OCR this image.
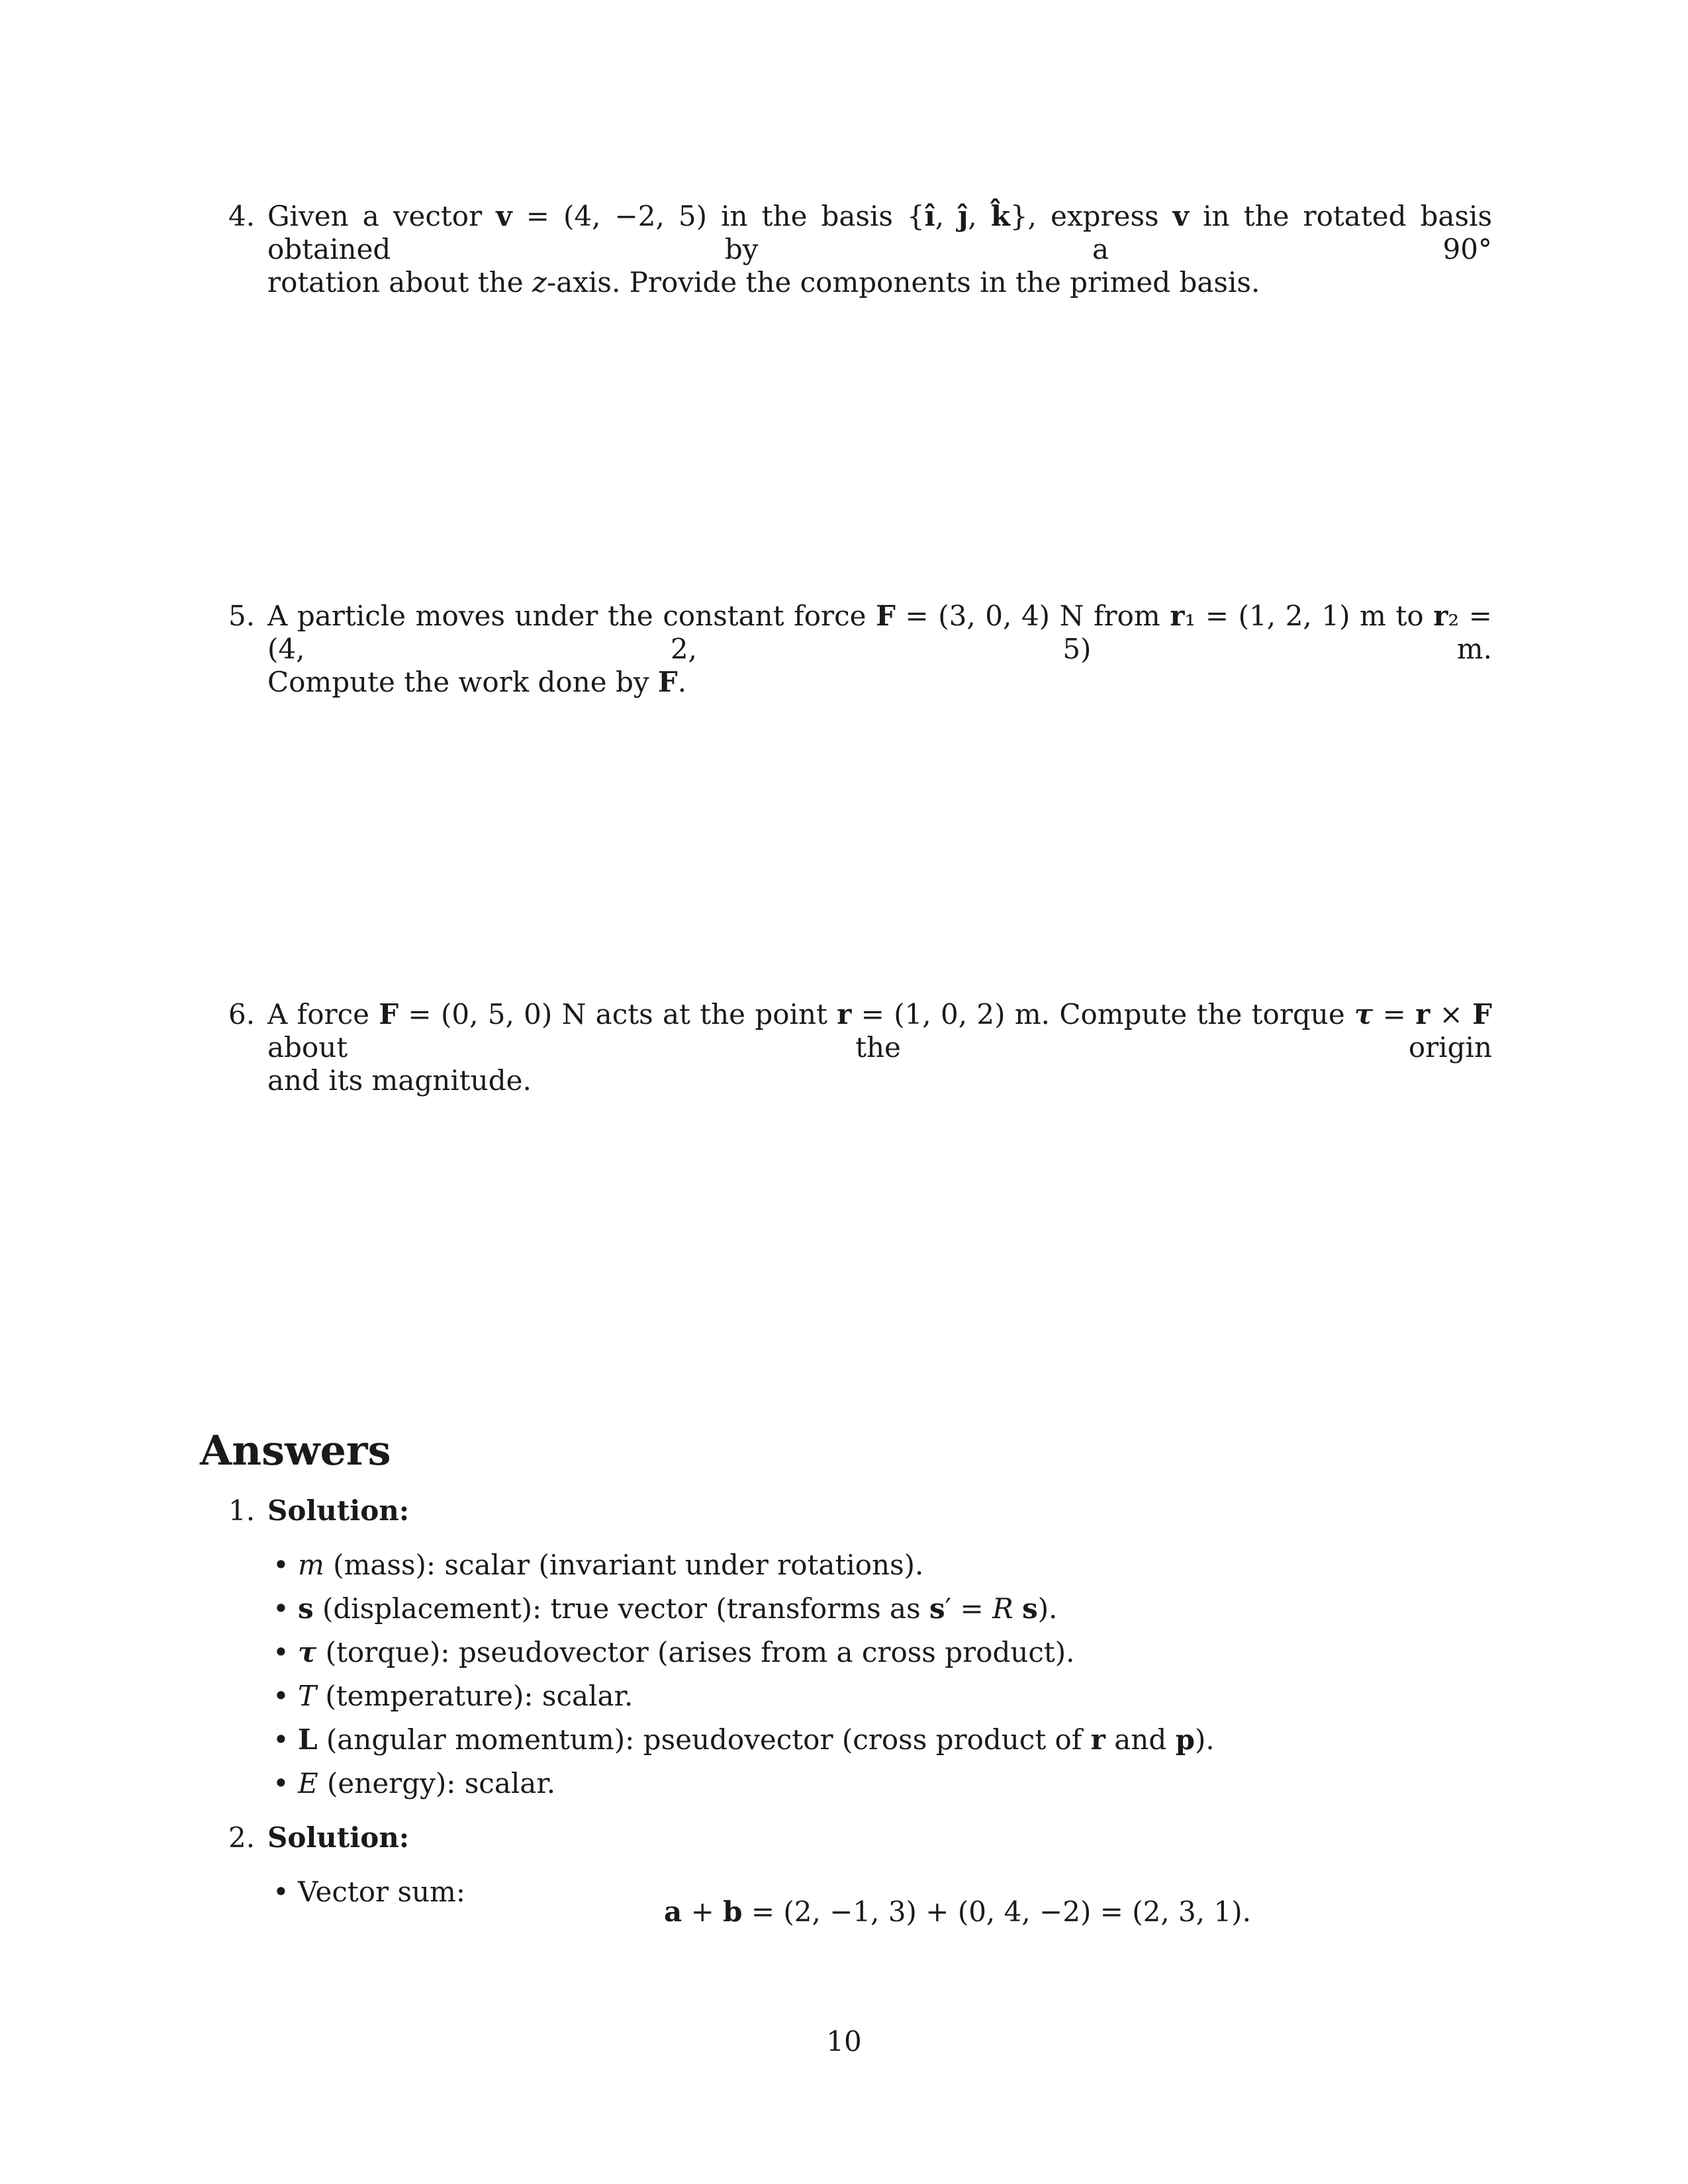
4. Given a vector v = (4, −2, 5) in the basis {î, ĵ, k̂}, express v in the rotated basis obtained by a 90°
rotation about the z-axis. Provide the components in the primed basis.
5. A particle moves under the constant force F = (3, 0, 4) N from r₁ = (1, 2, 1) m to r₂ = (4, 2, 5) m.
Compute the work done by F.
6. A force F = (0, 5, 0) N acts at the point r = (1, 0, 2) m. Compute the torque τ = r × F about the origin
and its magnitude.
Answers
1. Solution:
• m (mass): scalar (invariant under rotations).
• s (displacement): true vector (transforms as s′ = R s).
• τ (torque): pseudovector (arises from a cross product).
• T (temperature): scalar.
• L (angular momentum): pseudovector (cross product of r and p).
• E (energy): scalar.
2. Solution:
• Vector sum:
a + b = (2, −1, 3) + (0, 4, −2) = (2, 3, 1).
10
